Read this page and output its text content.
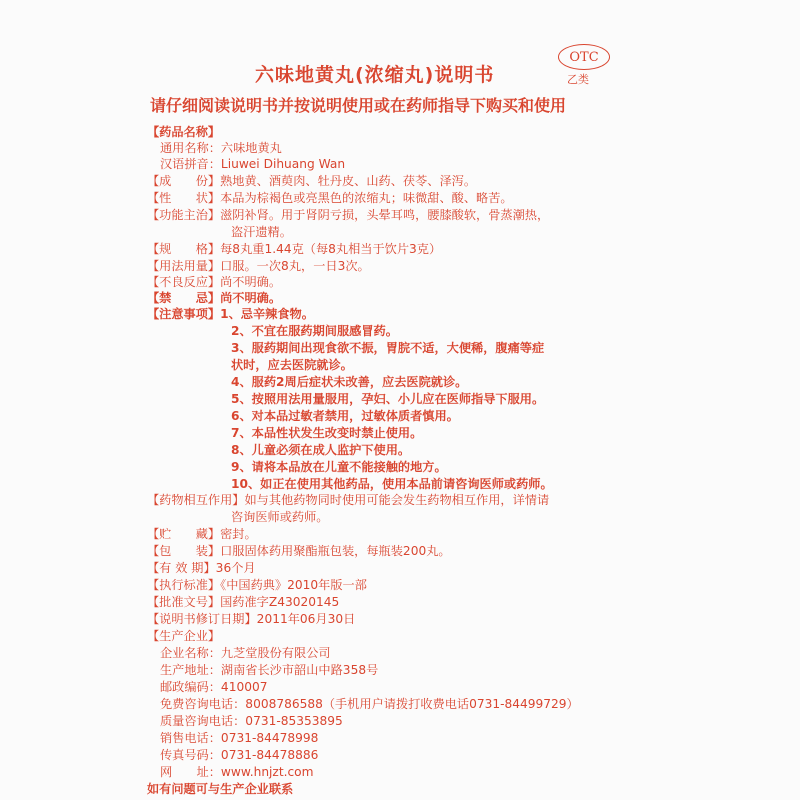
OTC
乙类
六味地黄丸(浓缩丸)说明书
请仔细阅读说明书并按说明使用或在药师指导下购买和使用
【药品名称】
通用名称：六味地黄丸
汉语拼音：Liuwei Dihuang Wan
【成　　份】熟地黄、酒萸肉、牡丹皮、山药、茯苓、泽泻。
【性　　状】本品为棕褐色或亮黑色的浓缩丸；味微甜、酸、略苦。
【功能主治】滋阴补肾。用于肾阴亏损，头晕耳鸣，腰膝酸软，骨蒸潮热，
盗汗遗精。
【规　　格】每8丸重1.44克（每8丸相当于饮片3克）
【用法用量】口服。一次8丸，一日3次。
【不良反应】尚不明确。
【禁　　忌】尚不明确。
【注意事项】1、忌辛辣食物。
2、不宜在服药期间服感冒药。
3、服药期间出现食欲不振，胃脘不适，大便稀，腹痛等症
状时，应去医院就诊。
4、服药2周后症状未改善，应去医院就诊。
5、按照用法用量服用，孕妇、小儿应在医师指导下服用。
6、对本品过敏者禁用，过敏体质者慎用。
7、本品性状发生改变时禁止使用。
8、儿童必须在成人监护下使用。
9、请将本品放在儿童不能接触的地方。
10、如正在使用其他药品，使用本品前请咨询医师或药师。
【药物相互作用】如与其他药物同时使用可能会发生药物相互作用，详情请
咨询医师或药师。
【贮　　藏】密封。
【包　　装】口服固体药用聚酯瓶包装，每瓶装200丸。
【有 效 期】36个月
【执行标准】《中国药典》2010年版一部
【批准文号】国药准字Z43020145
【说明书修订日期】2011年06月30日
【生产企业】
企业名称：九芝堂股份有限公司
生产地址：湖南省长沙市韶山中路358号
邮政编码：410007
免费咨询电话：8008786588（手机用户请拨打收费电话0731-84499729）
质量咨询电话：0731-85353895
销售电话：0731-84478998
传真号码：0731-84478886
网　　址：www.hnjzt.com
如有问题可与生产企业联系
